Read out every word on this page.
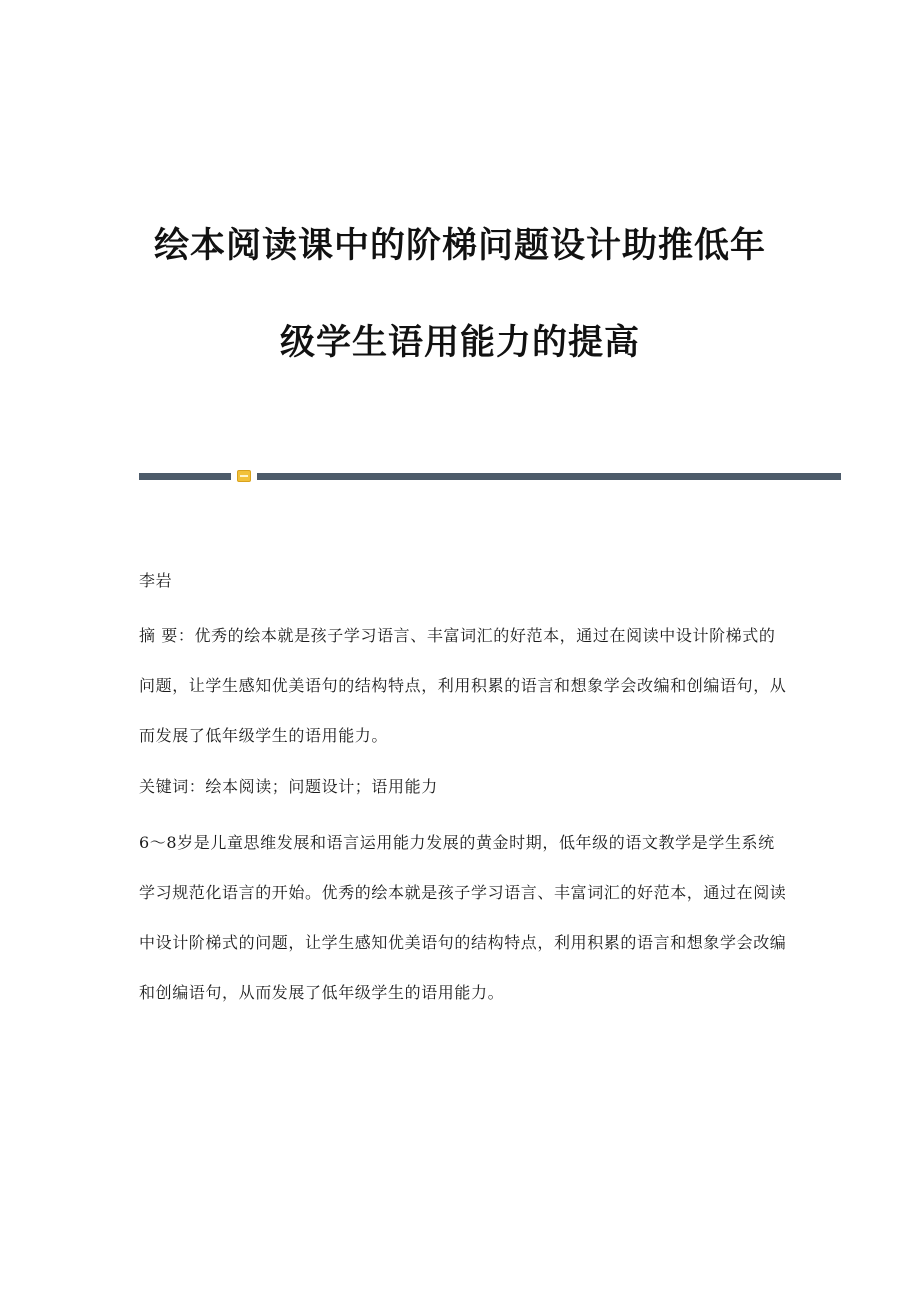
绘本阅读课中的阶梯问题设计助推低年
级学生语用能力的提高
李岩
摘 要：优秀的绘本就是孩子学习语言、丰富词汇的好范本，通过在阅读中设计阶梯式的问题，让学生感知优美语句的结构特点，利用积累的语言和想象学会改编和创编语句，从而发展了低年级学生的语用能力。
关键词：绘本阅读；问题设计；语用能力
6～8岁是儿童思维发展和语言运用能力发展的黄金时期，低年级的语文教学是学生系统学习规范化语言的开始。优秀的绘本就是孩子学习语言、丰富词汇的好范本，通过在阅读中设计阶梯式的问题，让学生感知优美语句的结构特点，利用积累的语言和想象学会改编和创编语句，从而发展了低年级学生的语用能力。
